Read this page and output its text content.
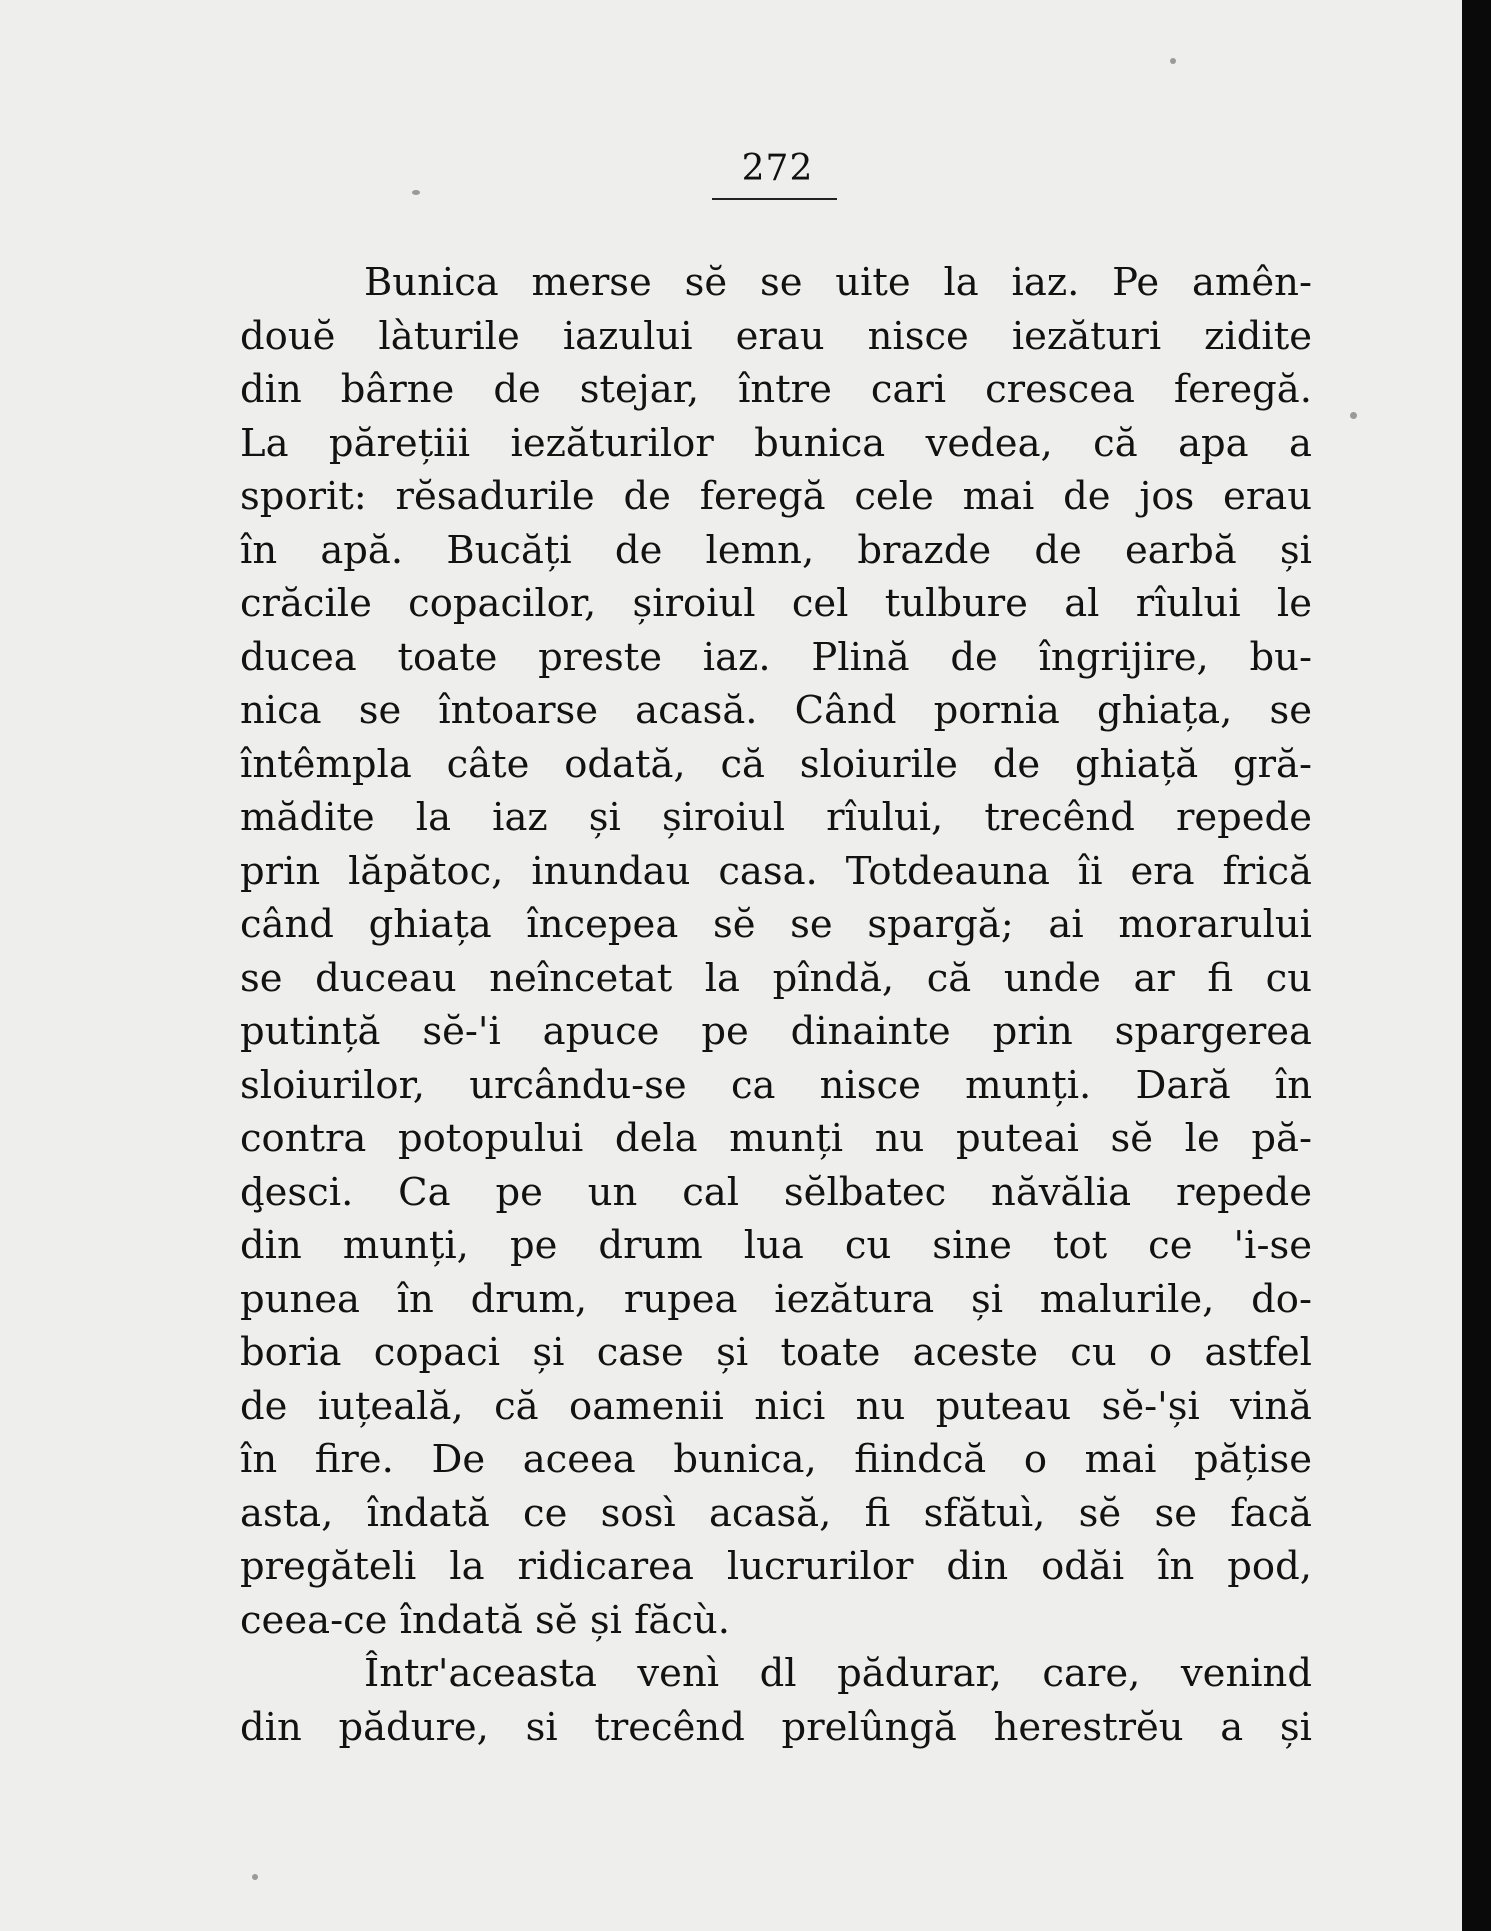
272
Bunica merse sĕ se uite la iaz. Pe amên-
douĕ làturile iazului erau nisce iezături zidite
din bârne de stejar, între cari crescea feregă.
La părețiii iezăturilor bunica vedea, că apa a
sporit: rĕsadurile de feregă cele mai de jos erau
în apă. Bucăți de lemn, brazde de earbă și
crăcile copacilor, șiroiul cel tulbure al rîului le
ducea toate preste iaz. Plină de îngrijire, bu-
nica se întoarse acasă. Când pornia ghiața, se
întêmpla câte odată, că sloiurile de ghiață gră-
mădite la iaz și șiroiul rîului, trecênd repede
prin lăpătoc, inundau casa. Totdeauna îi era frică
când ghiața începea sĕ se spargă; ai morarului
se duceau neîncetat la pîndă, că unde ar fi cu
putință sĕ-'i apuce pe dinainte prin spargerea
sloiurilor, urcându-se ca nisce munți. Dară în
contra potopului dela munți nu puteai sĕ le pă-
ḑesci. Ca pe un cal sĕlbatec năvălia repede
din munți, pe drum lua cu sine tot ce 'i-se
punea în drum, rupea iezătura și malurile, do-
boria copaci și case și toate aceste cu o astfel
de iuțeală, că oamenii nici nu puteau sĕ-'și vină
în fire. De aceea bunica, fiindcă o mai pățise
asta, îndată ce sosì acasă, fi sfătuì, sĕ se facă
pregăteli la ridicarea lucrurilor din odăi în pod,
ceea-ce îndată sĕ și făcù.
Într'aceasta venì dl pădurar, care, venind
din pădure, si trecênd prelûngă herestrĕu a și
